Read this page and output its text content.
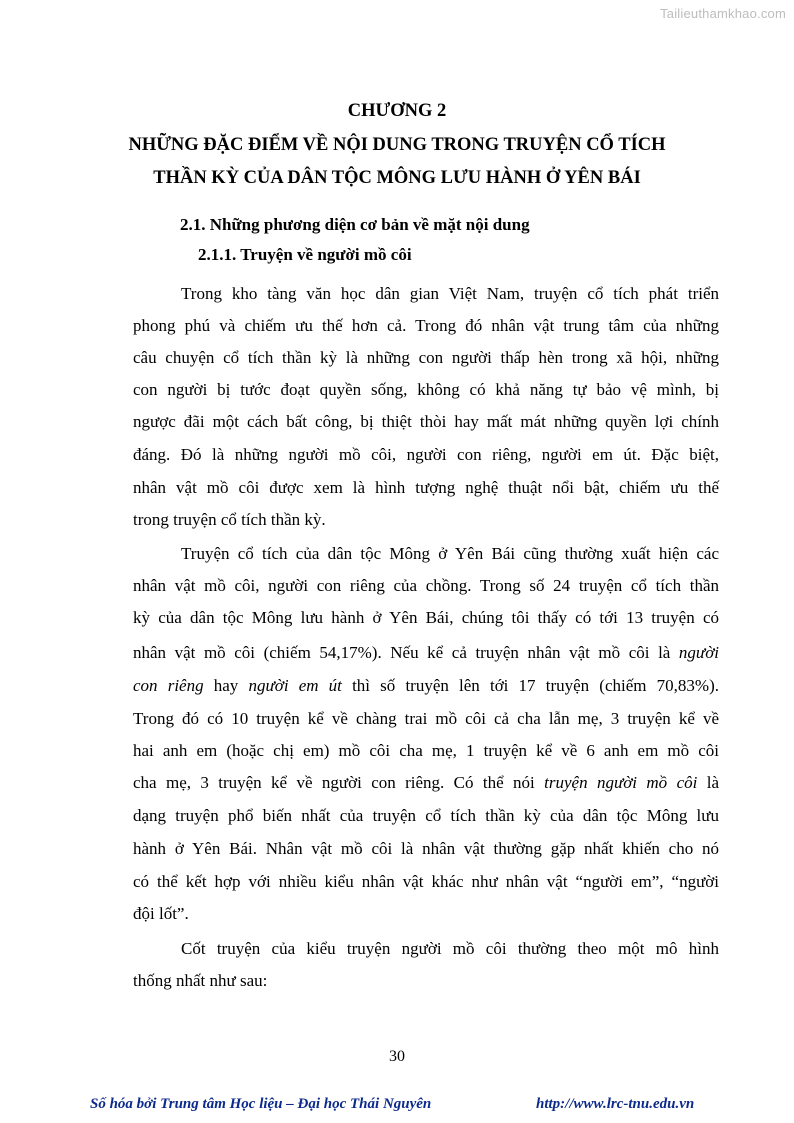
Tailieuthamkhao.com
CHƯƠNG 2
NHỮNG ĐẶC ĐIỂM VỀ NỘI DUNG TRONG TRUYỆN CỔ TÍCH
THẦN KỲ CỦA DÂN TỘC MÔNG LƯU HÀNH Ở YÊN BÁI
2.1. Những phương diện cơ bản về mặt nội dung
2.1.1. Truyện về người mồ côi
Trong kho tàng văn học dân gian Việt Nam, truyện cổ tích phát triển
phong phú và chiếm ưu thế hơn cả. Trong đó nhân vật trung tâm của những
câu chuyện cổ tích thần kỳ là những con người thấp hèn trong xã hội, những
con người bị tước đoạt quyền sống, không có khả năng tự bảo vệ mình, bị
ngược đãi một cách bất công, bị thiệt thòi hay mất mát những quyền lợi chính
đáng. Đó là những người mồ côi, người con riêng, người em út. Đặc biệt,
nhân vật mồ côi được xem là hình tượng nghệ thuật nổi bật, chiếm ưu thế
trong truyện cổ tích thần kỳ.
Truyện cổ tích của dân tộc Mông ở Yên Bái cũng thường xuất hiện các
nhân vật mồ côi, người con riêng của chồng. Trong số 24 truyện cổ tích thần
kỳ của dân tộc Mông lưu hành ở Yên Bái, chúng tôi thấy có tới 13 truyện có
nhân vật mồ côi (chiếm 54,17%). Nếu kể cả truyện nhân vật mồ côi là người
con riêng hay người em út thì số truyện lên tới 17 truyện (chiếm 70,83%).
Trong đó có 10 truyện kể về chàng trai mồ côi cả cha lẫn mẹ, 3 truyện kể về
hai anh em (hoặc chị em) mồ côi cha mẹ, 1 truyện kể về 6 anh em mồ côi
cha mẹ, 3 truyện kể về người con riêng. Có thể nói truyện người mồ côi là
dạng truyện phổ biến nhất của truyện cổ tích thần kỳ của dân tộc Mông lưu
hành ở Yên Bái. Nhân vật mồ côi là nhân vật thường gặp nhất khiến cho nó
có thể kết hợp với nhiều kiểu nhân vật khác như nhân vật “người em”, “người
đội lốt”.
Cốt truyện của kiểu truyện người mồ côi thường theo một mô hình
thống nhất như sau:
30
Số hóa bởi Trung tâm Học liệu – Đại học Thái Nguyên	http://www.lrc-tnu.edu.vn
